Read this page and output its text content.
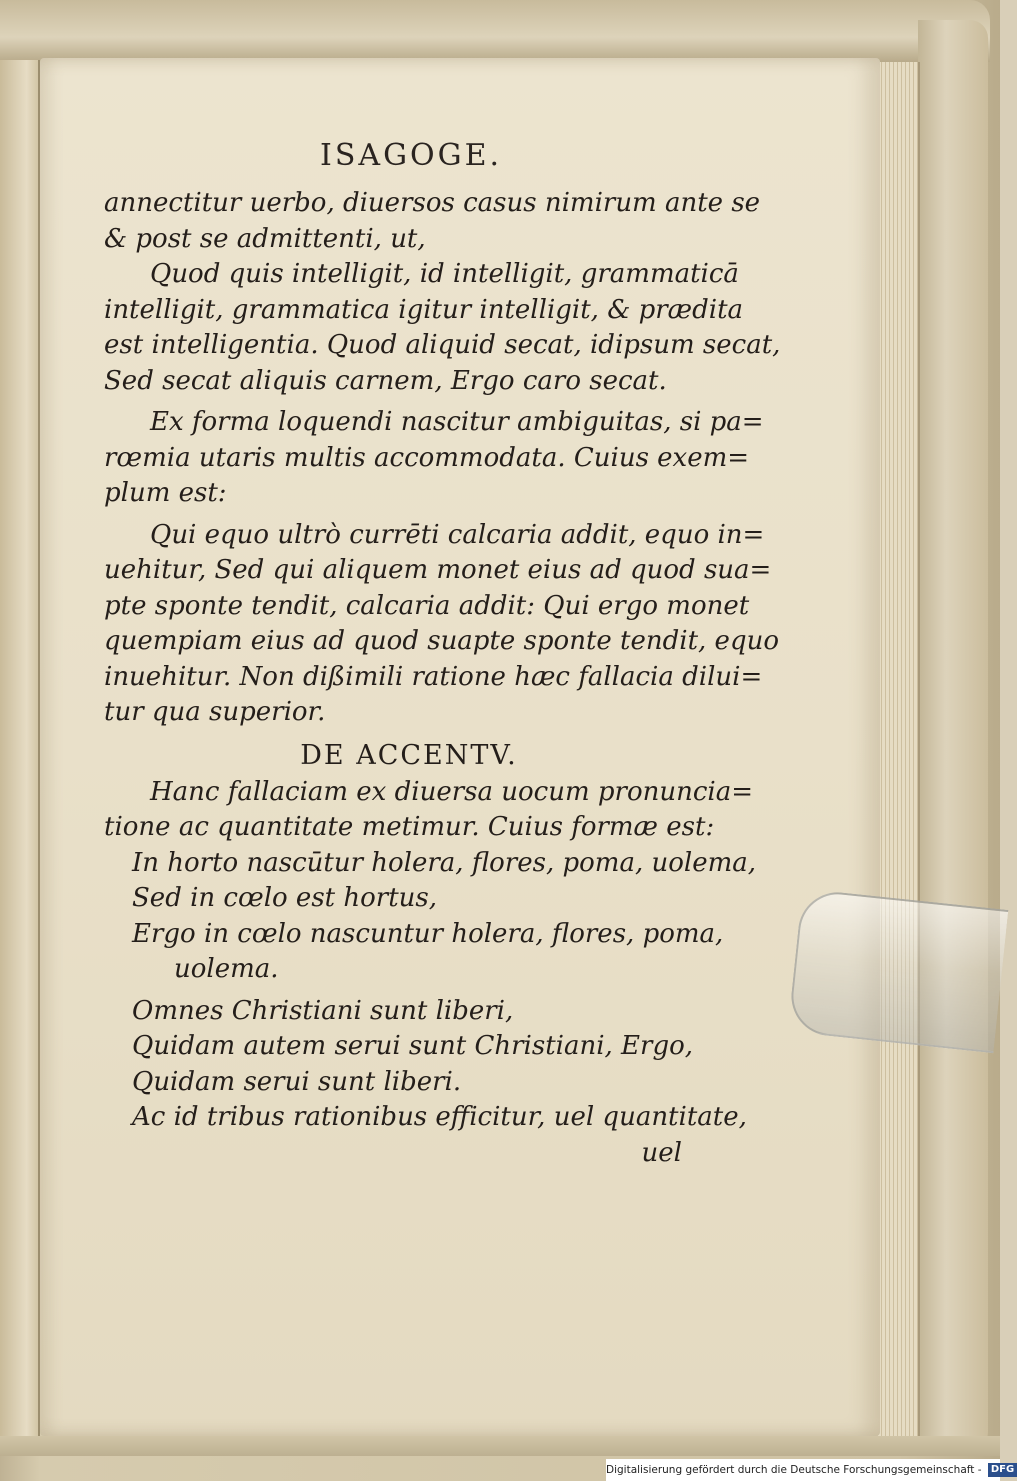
ISAGOGE.
annectitur uerbo, diuersos casus nimirum ante se
& post se admittenti, ut,
Quod quis intelligit, id intelligit, grammaticā
intelligit, grammatica igitur intelligit, & prædita
est intelligentia. Quod aliquid secat, idipsum secat,
Sed secat aliquis carnem, Ergo caro secat.
Ex forma loquendi nascitur ambiguitas, si pa=
rœmia utaris multis accommodata. Cuius exem=
plum est:
Qui equo ultrò currēti calcaria addit, equo in=
uehitur, Sed qui aliquem monet eius ad quod sua=
pte sponte tendit, calcaria addit: Qui ergo monet
quempiam eius ad quod suapte sponte tendit, equo
inuehitur. Non dißimili ratione hæc fallacia dilui=
tur qua superior.
DE ACCENTV.
Hanc fallaciam ex diuersa uocum pronuncia=
tione ac quantitate metimur. Cuius formæ est:
In horto nascūtur holera, flores, poma, uolema,
Sed in cœlo est hortus,
Ergo in cœlo nascuntur holera, flores, poma,
uolema.
Omnes Christiani sunt liberi,
Quidam autem serui sunt Christiani, Ergo,
Quidam serui sunt liberi.
Ac id tribus rationibus efficitur, uel quantitate,
uel
Digitalisierung gefördert durch die Deutsche Forschungsgemeinschaft - DFG
